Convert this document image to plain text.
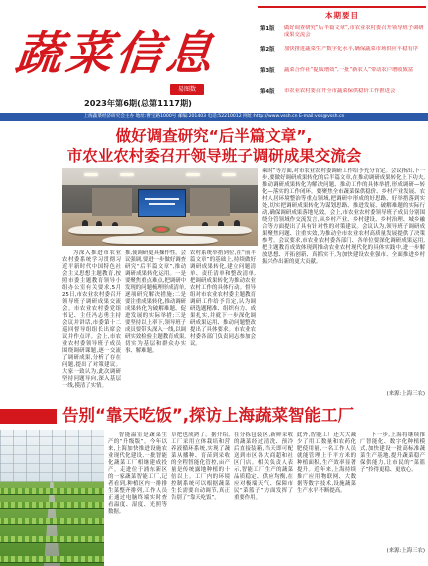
蔬菜信息
易图数
2023年第6期(总第1117期)
本期要目
第1版	做好调查研究“后半篇文章”,市农业农村委召开领导班子调研成果交流会
第2版	加快推进蔬菜生产数字化水平,确保蔬菜市场供应平稳有序
第3版	蔬菜合作社“提质增效”,一批“新农人”带动农户增收致富
第4版	市农业农村委召开全市蔬菜保供稳价工作推进会
上海蔬菜经济研究会主办 地址:曹宝路1000号 邮编:201403 电话:52210012 网址:http://www.vssh.cn E-mail:vss@vssh.cn
做好调查研究“后半篇文章”,
市农业农村委召开领导班子调研成果交流会
为深入推进市农业农村委系统学习贯彻习近平新时代中国特色社会主义思想主题教育,按照市委主题教育领导小组办公室有关要求,5月25日,市农业农村委召开领导班子调研成果交流会。市农业农村委党组书记、主任冯志勇主持会议并讲话,市委第十二巡回督导组组长出席会议并作点评。会上,市农业农村委领导班子成员围绕调研课题,逐一交流了调研成果,分析了存在问题,提出了对策建议。大家一致认为,此次调研坚持问题导向,深入基层一线,摸清了实情。
推,使调研更具操作性。会议强调,要进一步做好调查研究“后半篇文章”,推动调研成果转化运用。一是要聚焦重点难点,把调研中发现的问题梳理形成清单,逐项研究解决措施;二是要注重成果转化,推动调研成果转化为破解难题、促进发展的实际举措;三是要坚持以上率下,领导班子成员要带头深入一线,以调研实效检验主题教育成果,切实为基层和群众办实事、解难题。
农村系统举措到位,在“前半篇文章”的基础上,持续做好调研成果转化,建立问题清单、责任清单和整改清单,把调研成果转化为推动农业农村工作的具体行动。督导组对市农业农村委主题教育调研工作给予肯定,认为调研选题精准、组织有力、成果扎实,并就下一步深化调研成果运用、推动问题整改提出了具体要求。市农业农村委各部门负责同志参加会议。
乘时”等方面,对市农业农村委调研工作给予充分肯定。会议指出,下一步,要做好调研成果转化的后半篇文章,在推动调研成果转化上下功夫,推动调研成果转化为解决问题、推动工作的具体举措,形成调研—转化—落实的工作闭环。要聚焦全市蔬菜保供稳价、乡村产业发展、农村人居环境整治等重点领域,把调研中形成的好思路、好举措落到实处,切实把调研成果转化为谋划思路、推进发展、破解难题的实际行动,确保调研成果落地见效。会上,市农业农村委领导班子成员分别围绕分管领域作交流发言,从乡村产业、乡村建设、乡村治理、城乡融合等方面提出了具有针对性的对策建议。会议认为,领导班子调研成果聚焦问题、注重实效,为推动全市农业农村高质量发展提供了决策参考。会议要求,市农业农村委各部门、各单位要深化调研成果运用,把主题教育成效体现到推动农业农村现代化的具体实践中,进一步解放思想、开拓创新、真抓实干,为加快建设农业强市、全面推进乡村振兴作出新的更大贡献。
(来源:上海三农)
告别“靠天吃饭”,探访上海蔬菜智能工厂
智能温室是蔬菜生产的“升级版”。今年以来,上海加快推进设施农业现代化建设,一批智能化蔬菜工厂相继建成投产。走进位于浦东新区的一家蔬菜智能工厂,记者看到,种植区内一排排生菜整齐排列,工作人员正通过电脑终端实时查看温度、湿度、光照等数据。
草把也成熟了。据介绍,工厂采用立体栽培和营养液循环系统,实现了蔬菜从播种、育苗到采收的全程智能化管控,亩产量是传统露地种植的十倍以上。工厂内的环境控制系统可以根据蔬菜生长需要自动调节,真正告别了“靠天吃饭”。
在分拣包装区,新鲜采收的蔬菜经过清洗、预冷后直接装箱,当天即可配送到市区各大商超和社区门店。相关负责人表示,智能工厂生产的蔬菜品质稳定、供应均衡,在应对极端天气、保障市民“菜篮子”方面发挥了重要作用。
此外,智能工厂还大大减少了用工数量和农药化肥使用量,一名工作人员就能管理上千平方米的种植面积,生产效率显著提升。近年来,上海持续推广应用物联网、大数据等数字技术,设施蔬菜生产水平不断提高。
下一步,上海将继续推广智能化、数字化种植模式,加快建设一批高标准蔬菜生产基地,提升蔬菜稳产保供能力,让市民的“菜篮子”拎得更稳、更放心。
(来源:上海三农)
